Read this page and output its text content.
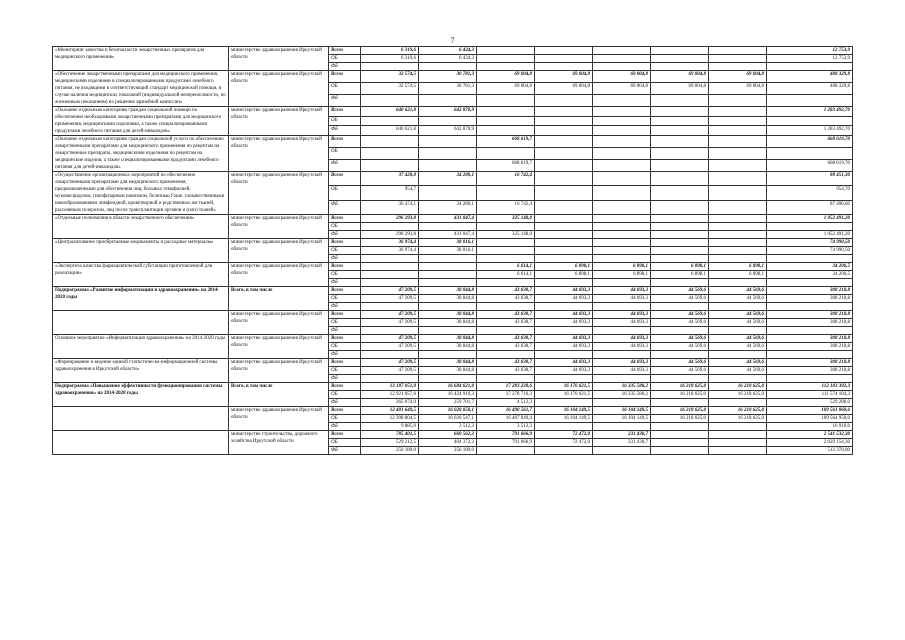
7
«Мониторинг качества и безопасности лекарственных препаратов для медицинского применения»	министерство здравоохранения Иркутской области	Всего	6 319,6	6 434,3						12 753,9
		ОБ	6 319,6	6 434,3						12 753,9
		ФБ								
«Обеспечение лекарственными препаратами для медицинского применения, медицинскими изделиями и специализированными продуктами лечебного питания, не входящими в соответствующий стандарт медицинской помощи, в случае наличия медицинских показаний (индивидуальной непереносимости, по жизненным показаниям) по решению врачебной комиссии»	министерство здравоохранения Иркутской области	Всего	32 574,5	30 781,3	69 004,8	69 004,8	69 004,8	69 004,8	69 004,8	408 329,8
		ОБ	32 574,5	30 781,3	69 004,8	69 004,8	69 004,8	69 004,8	69 004,8	408 329,8
		ФБ								
«Оказание отдельным категориям граждан социальной помощи по обеспечению необходимыми лекарственными препаратами для медицинского применения, медицинскими изделиями, а также специализированными продуктами лечебного питания для детей-инвалидов»	министерство здравоохранения Иркутской области	Всего	640 621,8	642 870,9						1 283 492,70
		ОБ								
		ФБ	640 621,8	642 870,9						1 283 492,70
«Оказание отдельным категориям граждан социальной услуги по обеспечению лекарственными препаратами для медицинского применения по рецептам на лекарственные препараты, медицинскими изделиями по рецептам на медицинские изделия, а также специализированными продуктами лечебного питания для детей-инвалидов»	министерство здравоохранения Иркутской области	Всего			668 619,7					668 619,70
		ОБ								
		ФБ			668 619,7					668 619,70
«Осуществление организационных мероприятий по обеспечению лекарственными препаратами для медицинского применения, предназначенными для обеспечения лиц, больных гемофилией, муковисцидозом, гипофизарным нанизмом, болезнью Гоше, злокачественными новообразованиями лимфоидной, кроветворной и родственных им тканей, рассеянным склерозом, лиц после трансплантации органов и (или) тканей»	министерство здравоохранения Иркутской области	Всего	37 428,8	34 280,1	16 742,4					88 451,30
		ОБ	954,7							954,70
		ФБ	36 474,1	34 280,1	16 742,4					87 496,60
«Отдельные полномочия в области лекарственного обеспечения»	министерство здравоохранения Иркутской области	Всего	296 293,8	431 047,4	325 148,0					1 052 491,20
		ОБ								
		ФБ	296 293,8	431 047,4	325 148,0					1 052 491,20
«Централизованно приобретаемые медикаменты и расходные материалы»	министерство здравоохранения Иркутской области	Всего	36 974,4	38 016,1						74 990,50
		ОБ	36 974,4	38 016,1						74 990,50
		ФБ								
«Экспертиза качества фармацевтической субстанции приготовленной для реализации»	министерство здравоохранения Иркутской области	Всего			6 614,1	6 898,1	6 898,1	6 898,1	6 898,1	34 206,5
		ОБ			6 614,1	6 898,1	6 898,1	6 898,1	6 898,1	34 206,5
		ФБ								
Подпрограмма «Развитие информатизации в здравоохранении» на 2014-2020 годы	Всего, в том числе	Всего	47 209,5	38 844,8	43 638,7	44 693,3	44 693,3	44 569,6	44 569,6	308 218,8
		ОБ	47 209,5	38 844,8	43 638,7	44 693,3	44 693,3	44 569,6	44 569,6	308 218,8
		ФБ								
	министерство здравоохранения Иркутской области	Всего	47 209,5	38 844,8	43 638,7	44 693,3	44 693,3	44 569,6	44 569,6	308 218,8
		ОБ	47 209,5	38 844,8	43 638,7	44 693,3	44 693,3	44 569,6	44 569,6	308 218,8
		ФБ								
Основное мероприятие «Информатизация здравоохранения» на 2014-2020 годы	министерство здравоохранения Иркутской области	Всего	47 209,5	38 844,8	43 638,7	44 693,3	44 693,3	44 569,6	44 569,6	308 218,8
		ОБ	47 209,5	38 844,8	43 638,7	44 693,3	44 693,3	44 569,6	44 569,6	308 218,8
		ФБ								
«Формирование и ведение единой статистическо-информационной системы здравоохранения в Иркутской области»	министерство здравоохранения Иркутской области	Всего	47 209,5	38 844,8	43 638,7	44 693,3	44 693,3	44 569,6	44 569,6	308 218,8
		ОБ	47 209,5	38 844,8	43 638,7	44 693,3	44 693,3	44 569,6	44 569,6	308 218,8
		ФБ								
Подпрограмма «Повышение эффективности функционирования системы здравоохранения» на 2014-2020 годы	Всего, в том числе	Всего	13 187 051,0	16 684 621,0	17 283 228,6	16 176 621,5	16 335 580,2	16 218 625,0	16 218 625,0	112 103 392,3
		ОБ	12 921 057,0	16 424 919,3	17 278 716,3	16 176 621,5	16 335 580,2	16 218 625,0	16 218 625,0	111 574 184,3
		ФБ	265 074,0	259 701,7	4 512,3					529 288,0
	министерство здравоохранения Иркутской области	Всего	12 401 649,5	16 028 058,1	16 490 561,7	16 104 149,5	16 104 149,5	16 218 625,0	16 218 625,0	109 561 860,6
		ОБ	12 398 804,5	16 020 547,1	16 487 049,4	16 104 149,5	16 104 149,5	16 218 625,0	16 218 625,0	109 564 950,0
		ФБ	9 885,0	3 512,3	3 512,3					16 910,6
	министерство строительства, дорожного хозяйства Иркутской области	Всего	785 401,5	660 562,2	791 666,9	72 472,0	231 430,7			2 541 532,30
		ОБ	529 212,5	404 372,2	791 666,9	72 472,0	231 430,7			2 029 154,30
		ФБ	256 189,0	256 189,0						512 378,00
